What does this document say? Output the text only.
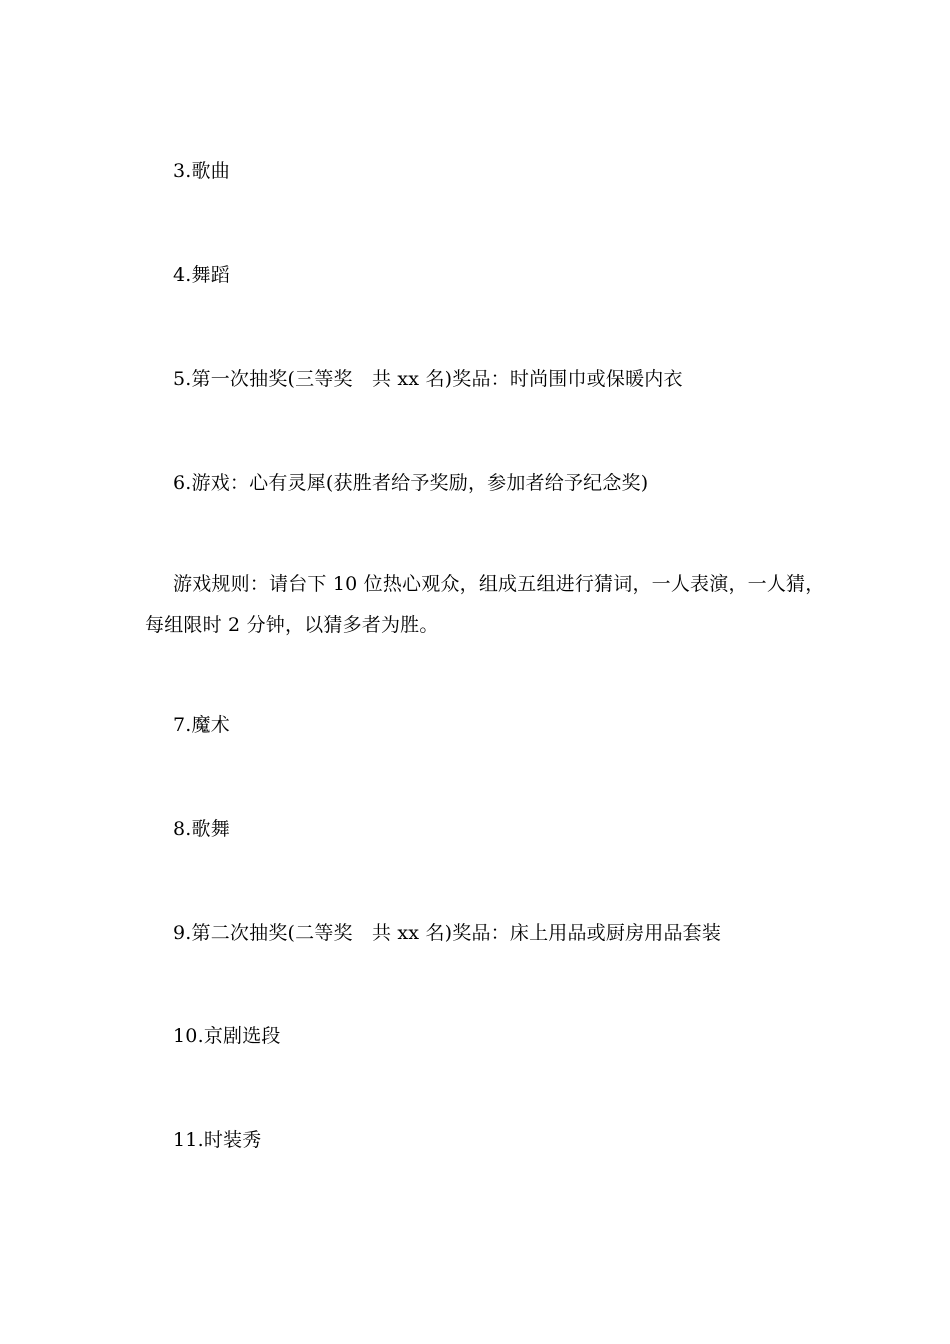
3.歌曲
4.舞蹈
5.第一次抽奖(三等奖　共 xx 名)奖品：时尚围巾或保暖内衣
6.游戏：心有灵犀(获胜者给予奖励，参加者给予纪念奖)
游戏规则：请台下 10 位热心观众，组成五组进行猜词，一人表演，一人猜，每组限时 2 分钟，以猜多者为胜。
7.魔术
8.歌舞
9.第二次抽奖(二等奖　共 xx 名)奖品：床上用品或厨房用品套装
10.京剧选段
11.时装秀
